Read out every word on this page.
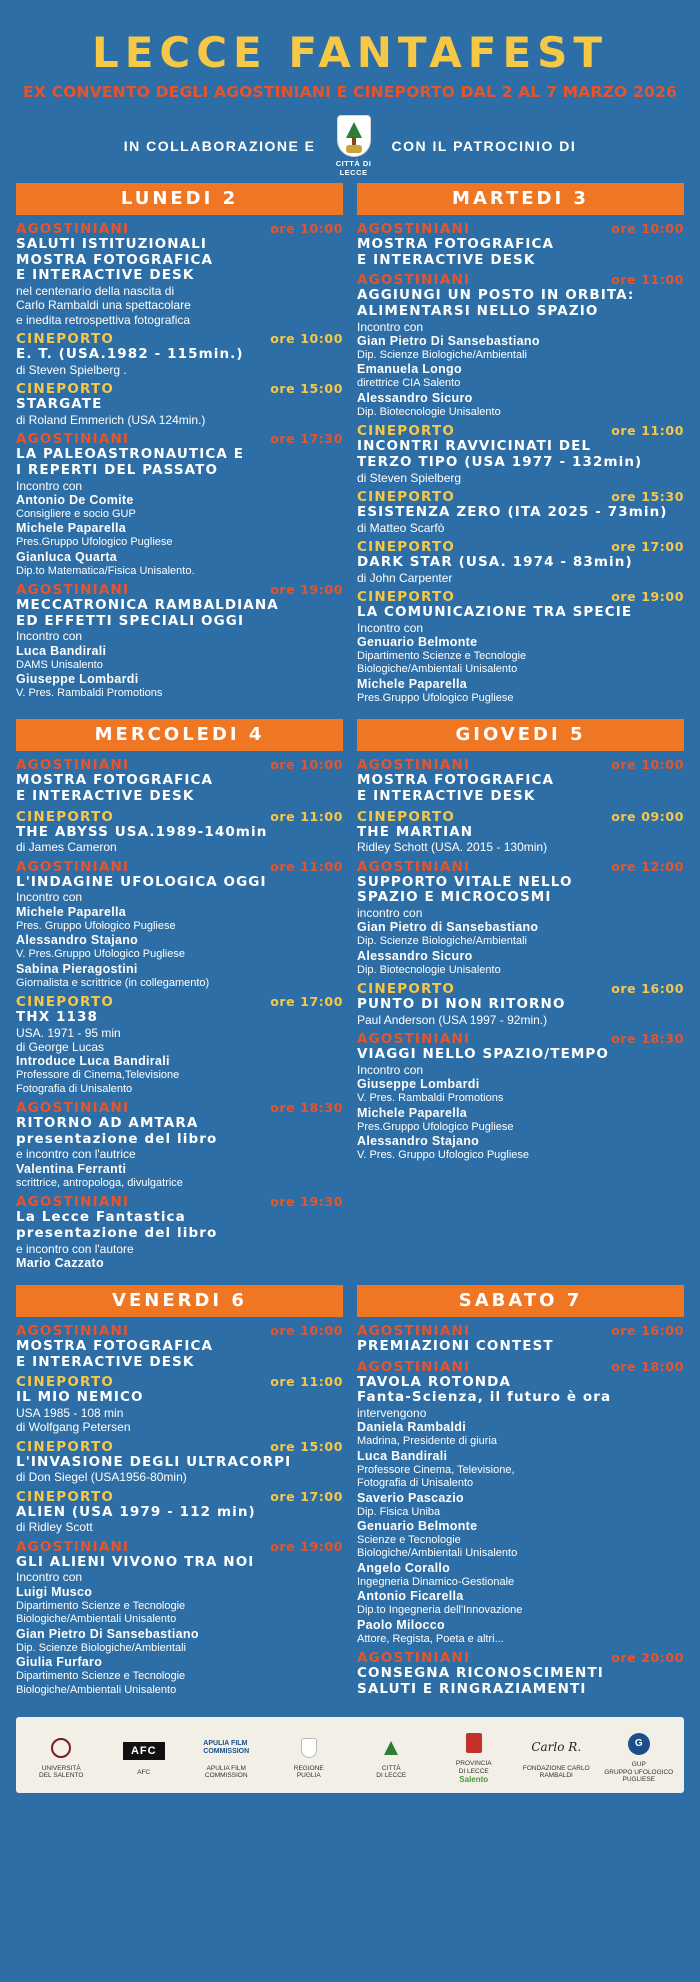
LECCE FANTAFEST
EX CONVENTO DEGLI AGOSTINIANI E CINEPORTO DAL 2 AL 7 MARZO 2026
IN COLLABORAZIONE E
CITTÀ DI LECCE
CON IL PATROCINIO DI
LUNEDI 2
AGOSTINIANI	ore 10:00
SALUTI ISTITUZIONALI
MOSTRA FOTOGRAFICA
E INTERACTIVE DESK
nel centenario della nascita di
Carlo Rambaldi una spettacolare
e inedita retrospettiva fotografica
CINEPORTO	ore 10:00
E. T. (USA.1982 - 115min.)
di Steven Spielberg .
CINEPORTO	ore 15:00
STARGATE
di Roland Emmerich (USA 124min.)
AGOSTINIANI	ore 17:30
LA PALEOASTRONAUTICA E
I REPERTI DEL PASSATO
Incontro con
Antonio De Comite
Consigliere e socio GUP
Michele Paparella
Pres.Gruppo Ufologico Pugliese
Gianluca Quarta
Dip.to Matematica/Fisica Unisalento.
AGOSTINIANI	ore 19:00
MECCATRONICA RAMBALDIANA
ED EFFETTI SPECIALI OGGI
Incontro con
Luca Bandirali
DAMS Unisalento
Giuseppe Lombardi
V. Pres. Rambaldi Promotions
MARTEDI 3
AGOSTINIANI	ore 10:00
MOSTRA FOTOGRAFICA
E INTERACTIVE DESK
AGOSTINIANI	ore 11:00
AGGIUNGI UN POSTO IN ORBITA:
ALIMENTARSI NELLO SPAZIO
Incontro con
Gian Pietro Di Sansebastiano
Dip. Scienze Biologiche/Ambientali
Emanuela Longo
direttrice CIA Salento
Alessandro Sicuro
Dip. Biotecnologie Unisalento
CINEPORTO	ore 11:00
INCONTRI RAVVICINATI DEL
TERZO TIPO (USA 1977 - 132min)
di Steven Spielberg
CINEPORTO	ore 15:30
ESISTENZA ZERO (ITA 2025 - 73min)
di Matteo Scarfò
CINEPORTO	ore 17:00
DARK STAR (USA. 1974 - 83min)
di John Carpenter
CINEPORTO	ore 19:00
LA COMUNICAZIONE TRA SPECIE
Incontro con
Genuario Belmonte
Dipartimento Scienze e Tecnologie
Biologiche/Ambientali Unisalento
Michele Paparella
Pres.Gruppo Ufologico Pugliese
MERCOLEDI 4
AGOSTINIANI	ore 10:00
MOSTRA FOTOGRAFICA
E INTERACTIVE DESK
CINEPORTO	ore 11:00
THE ABYSS USA.1989-140min
di James Cameron
AGOSTINIANI	ore 11:00
L'INDAGINE UFOLOGICA OGGI
Incontro con
Michele Paparella
Pres. Gruppo Ufologico Pugliese
Alessandro Stajano
V. Pres.Gruppo Ufologico Pugliese
Sabina Pieragostini
Giornalista e scrittrice (in collegamento)
CINEPORTO	ore 17:00
THX 1138
USA. 1971 - 95 min
di George Lucas
Introduce Luca Bandirali
Professore di Cinema,Televisione
Fotografia di Unisalento
AGOSTINIANI	ore 18:30
RITORNO AD AMTARA
presentazione del libro
e incontro con l'autrice
Valentina Ferranti
scrittrice, antropologa, divulgatrice
AGOSTINIANI	ore 19:30
La Lecce Fantastica
presentazione del libro
e incontro con l'autore
Mario Cazzato
GIOVEDI 5
AGOSTINIANI	ore 10:00
MOSTRA FOTOGRAFICA
E INTERACTIVE DESK
CINEPORTO	ore 09:00
THE MARTIAN
Ridley Schott (USA. 2015 - 130min)
AGOSTINIANI	ore 12:00
SUPPORTO VITALE NELLO
SPAZIO E MICROCOSMI
incontro con
Gian Pietro di Sansebastiano
Dip. Scienze Biologiche/Ambientali
Alessandro Sicuro
Dip. Biotecnologie Unisalento
CINEPORTO	ore 16:00
PUNTO DI NON RITORNO
Paul Anderson (USA 1997 - 92min.)
AGOSTINIANI	ore 18:30
VIAGGI NELLO SPAZIO/TEMPO
Incontro con
Giuseppe Lombardi
V. Pres. Rambaldi Promotions
Michele Paparella
Pres.Gruppo Ufologico Pugliese
Alessandro Stajano
V. Pres. Gruppo Ufologico Pugliese
VENERDI 6
AGOSTINIANI	ore 10:00
MOSTRA FOTOGRAFICA
E INTERACTIVE DESK
CINEPORTO	ore 11:00
IL MIO NEMICO
USA 1985 - 108 min
di Wolfgang Petersen
CINEPORTO	ore 15:00
L'INVASIONE DEGLI ULTRACORPI
di Don Siegel (USA1956-80min)
CINEPORTO	ore 17:00
ALIEN (USA 1979 - 112 min)
di Ridley Scott
AGOSTINIANI	ore 19:00
GLI ALIENI VIVONO TRA NOI
Incontro con
Luigi Musco
Dipartimento Scienze e Tecnologie
Biologiche/Ambientali Unisalento
Gian Pietro Di Sansebastiano
Dip. Scienze Biologiche/Ambientali
Giulia Furfaro
Dipartimento Scienze e Tecnologie
Biologiche/Ambientali Unisalento
SABATO 7
AGOSTINIANI	ore 16:00
PREMIAZIONI CONTEST
AGOSTINIANI	ore 18:00
TAVOLA ROTONDA
Fanta-Scienza, il futuro è ora
intervengono
Daniela Rambaldi
Madrina, Presidente di giuria
Luca Bandirali
Professore Cinema, Televisione,
Fotografia di Unisalento
Saverio Pascazio
Dip. Fisica Uniba
Genuario Belmonte
Scienze e Tecnologie
Biologiche/Ambientali Unisalento
Angelo Corallo
Ingegneria Dinamico-Gestionale
Antonio Ficarella
Dip.to Ingegneria dell'Innovazione
Paolo Milocco
Attore, Regista, Poeta e altri...
AGOSTINIANI	ore 20:00
CONSEGNA RICONOSCIMENTI
SALUTI E RINGRAZIAMENTI
UNIVERSITÀ
DEL SALENTO
AFC
AFC
APULIA FILM
COMMISSION
APULIA FILM
COMMISSION
REGIONE
PUGLIA
CITTÀ
DI LECCE
PROVINCIA
DI LECCE
Salento
Carlo R.
FONDAZIONE CARLO RAMBALDI
G
GUP
GRUPPO UFOLOGICO PUGLIESE
